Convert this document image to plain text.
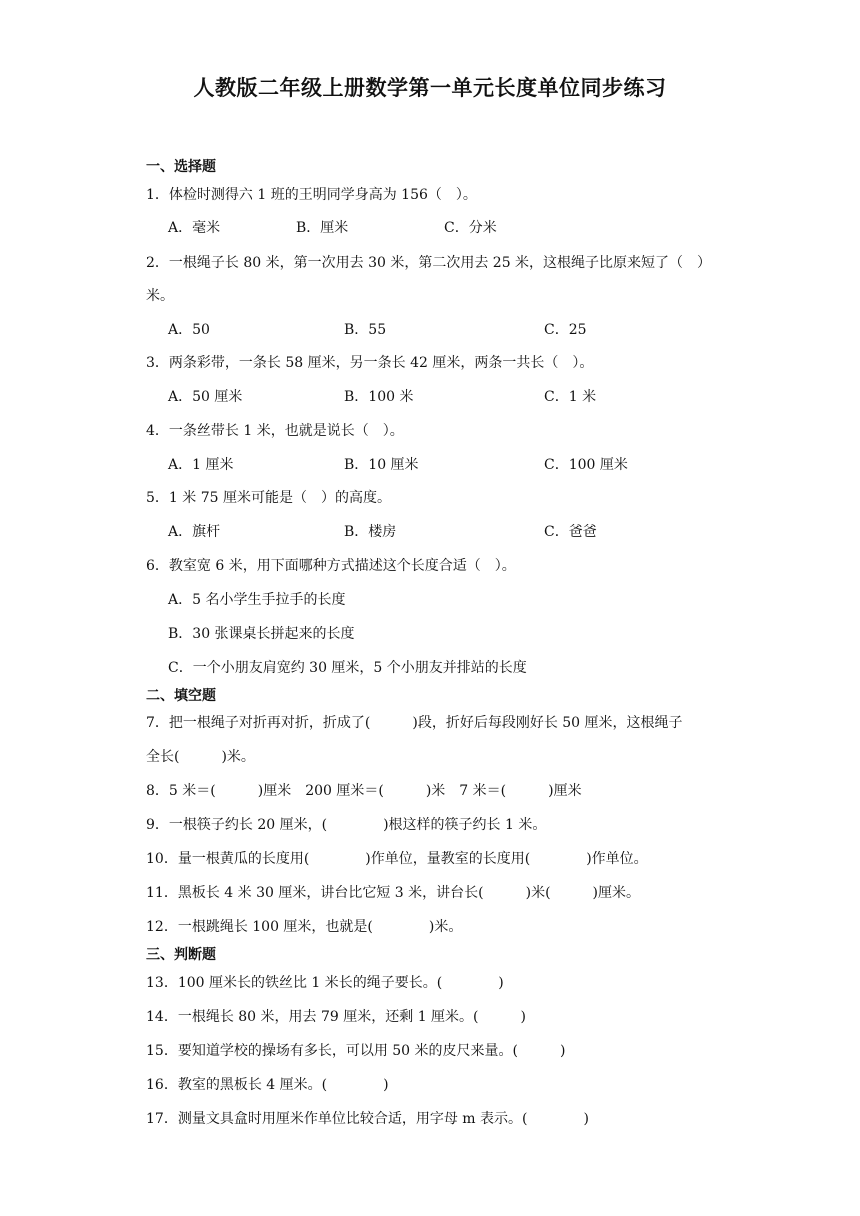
人教版二年级上册数学第一单元长度单位同步练习
一、选择题
1．体检时测得六 1 班的王明同学身高为 156（　）。
A．毫米	B．厘米	C．分米
2．一根绳子长 80 米，第一次用去 30 米，第二次用去 25 米，这根绳子比原来短了（　）
米。
A．50	B．55	C．25
3．两条彩带，一条长 58 厘米，另一条长 42 厘米，两条一共长（　）。
A．50 厘米	B．100 米	C．1 米
4．一条丝带长 1 米，也就是说长（　）。
A．1 厘米	B．10 厘米	C．100 厘米
5．1 米 75 厘米可能是（　）的高度。
A．旗杆	B．楼房	C．爸爸
6．教室宽 6 米，用下面哪种方式描述这个长度合适（　）。
A．5 名小学生手拉手的长度
B．30 张课桌长拼起来的长度
C．一个小朋友肩宽约 30 厘米，5 个小朋友并排站的长度
二、填空题
7．把一根绳子对折再对折，折成了(　　　)段，折好后每段刚好长 50 厘米，这根绳子
全长(　　　)米。
8．5 米＝(　　　)厘米　200 厘米＝(　　　)米　7 米＝(　　　)厘米
9．一根筷子约长 20 厘米，(　　　　)根这样的筷子约长 1 米。
10．量一根黄瓜的长度用(　　　　)作单位，量教室的长度用(　　　　)作单位。
11．黑板长 4 米 30 厘米，讲台比它短 3 米，讲台长(　　　)米(　　　)厘米。
12．一根跳绳长 100 厘米，也就是(　　　　)米。
三、判断题
13．100 厘米长的铁丝比 1 米长的绳子要长。(　　　　)
14．一根绳长 80 米，用去 79 厘米，还剩 1 厘米。(　　　)
15．要知道学校的操场有多长，可以用 50 米的皮尺来量。(　　　)
16．教室的黑板长 4 厘米。(　　　　)
17．测量文具盒时用厘米作单位比较合适，用字母 m 表示。(　　　　)
